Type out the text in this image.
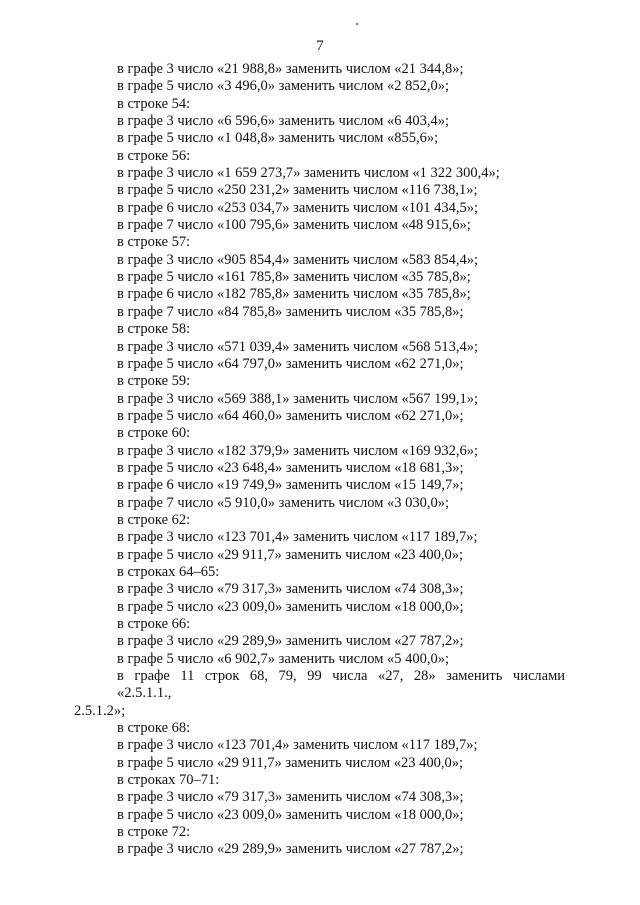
7
в графе 3 число «21 988,8» заменить числом «21 344,8»;
в графе 5 число «3 496,0» заменить числом «2 852,0»;
в строке 54:
в графе 3 число «6 596,6» заменить числом «6 403,4»;
в графе 5 число «1 048,8» заменить числом «855,6»;
в строке 56:
в графе 3 число «1 659 273,7» заменить числом «1 322 300,4»;
в графе 5 число «250 231,2» заменить числом «116 738,1»;
в графе 6 число «253 034,7» заменить числом «101 434,5»;
в графе 7 число «100 795,6» заменить числом «48 915,6»;
в строке 57:
в графе 3 число «905 854,4» заменить числом «583 854,4»;
в графе 5 число «161 785,8» заменить числом «35 785,8»;
в графе 6 число «182 785,8» заменить числом «35 785,8»;
в графе 7 число «84 785,8» заменить числом «35 785,8»;
в строке 58:
в графе 3 число «571 039,4» заменить числом «568 513,4»;
в графе 5 число «64 797,0» заменить числом «62 271,0»;
в строке 59:
в графе 3 число «569 388,1» заменить числом «567 199,1»;
в графе 5 число «64 460,0» заменить числом «62 271,0»;
в строке 60:
в графе 3 число «182 379,9» заменить числом «169 932,6»;
в графе 5 число «23 648,4» заменить числом «18 681,3»;
в графе 6 число «19 749,9» заменить числом «15 149,7»;
в графе 7 число «5 910,0» заменить числом «3 030,0»;
в строке 62:
в графе 3 число «123 701,4» заменить числом «117 189,7»;
в графе 5 число «29 911,7» заменить числом «23 400,0»;
в строках 64–65:
в графе 3 число «79 317,3» заменить числом «74 308,3»;
в графе 5 число «23 009,0» заменить числом «18 000,0»;
в строке 66:
в графе 3 число «29 289,9» заменить числом «27 787,2»;
в графе 5 число «6 902,7» заменить числом «5 400,0»;
в графе 11 строк 68, 79, 99 числа «27, 28» заменить числами «2.5.1.1.,
2.5.1.2»;
в строке 68:
в графе 3 число «123 701,4» заменить числом «117 189,7»;
в графе 5 число «29 911,7» заменить числом «23 400,0»;
в строках 70–71:
в графе 3 число «79 317,3» заменить числом «74 308,3»;
в графе 5 число «23 009,0» заменить числом «18 000,0»;
в строке 72:
в графе 3 число «29 289,9» заменить числом «27 787,2»;
